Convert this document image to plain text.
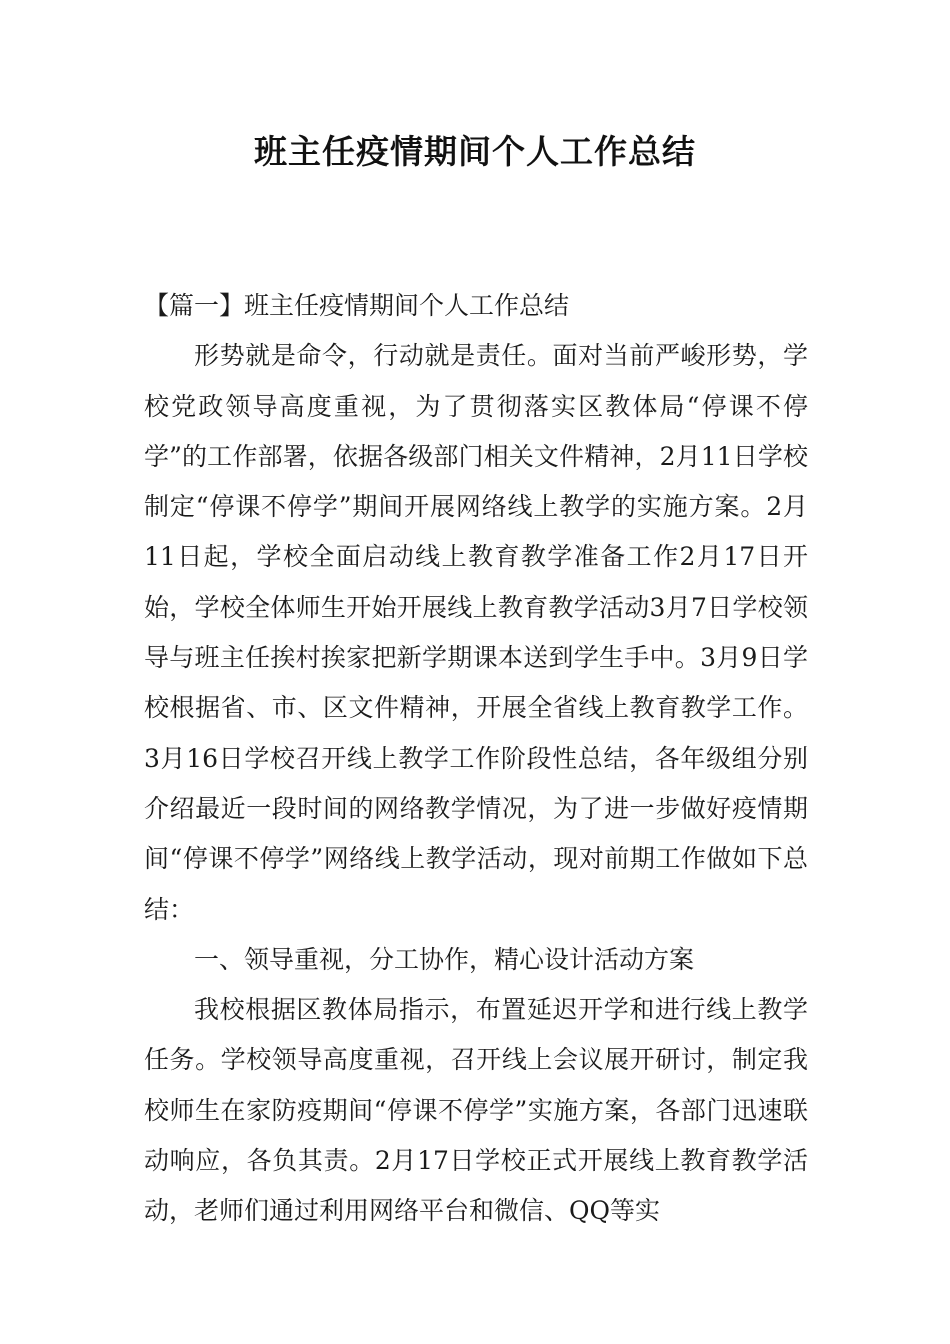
班主任疫情期间个人工作总结

【篇一】班主任疫情期间个人工作总结

形势就是命令，行动就是责任。面对当前严峻形势，学校党政领导高度重视，为了贯彻落实区教体局“停课不停学”的工作部署，依据各级部门相关文件精神，2月11日学校制定“停课不停学”期间开展网络线上教学的实施方案。2月11日起，学校全面启动线上教育教学准备工作2月17日开始，学校全体师生开始开展线上教育教学活动3月7日学校领导与班主任挨村挨家把新学期课本送到学生手中。3月9日学校根据省、市、区文件精神，开展全省线上教育教学工作。3月16日学校召开线上教学工作阶段性总结，各年级组分别介绍最近一段时间的网络教学情况，为了进一步做好疫情期间“停课不停学”网络线上教学活动，现对前期工作做如下总结：

一、领导重视，分工协作，精心设计活动方案

我校根据区教体局指示，布置延迟开学和进行线上教学任务。学校领导高度重视，召开线上会议展开研讨，制定我校师生在家防疫期间“停课不停学”实施方案，各部门迅速联动响应，各负其责。2月17日学校正式开展线上教育教学活动，老师们通过利用网络平台和微信、QQ等实
